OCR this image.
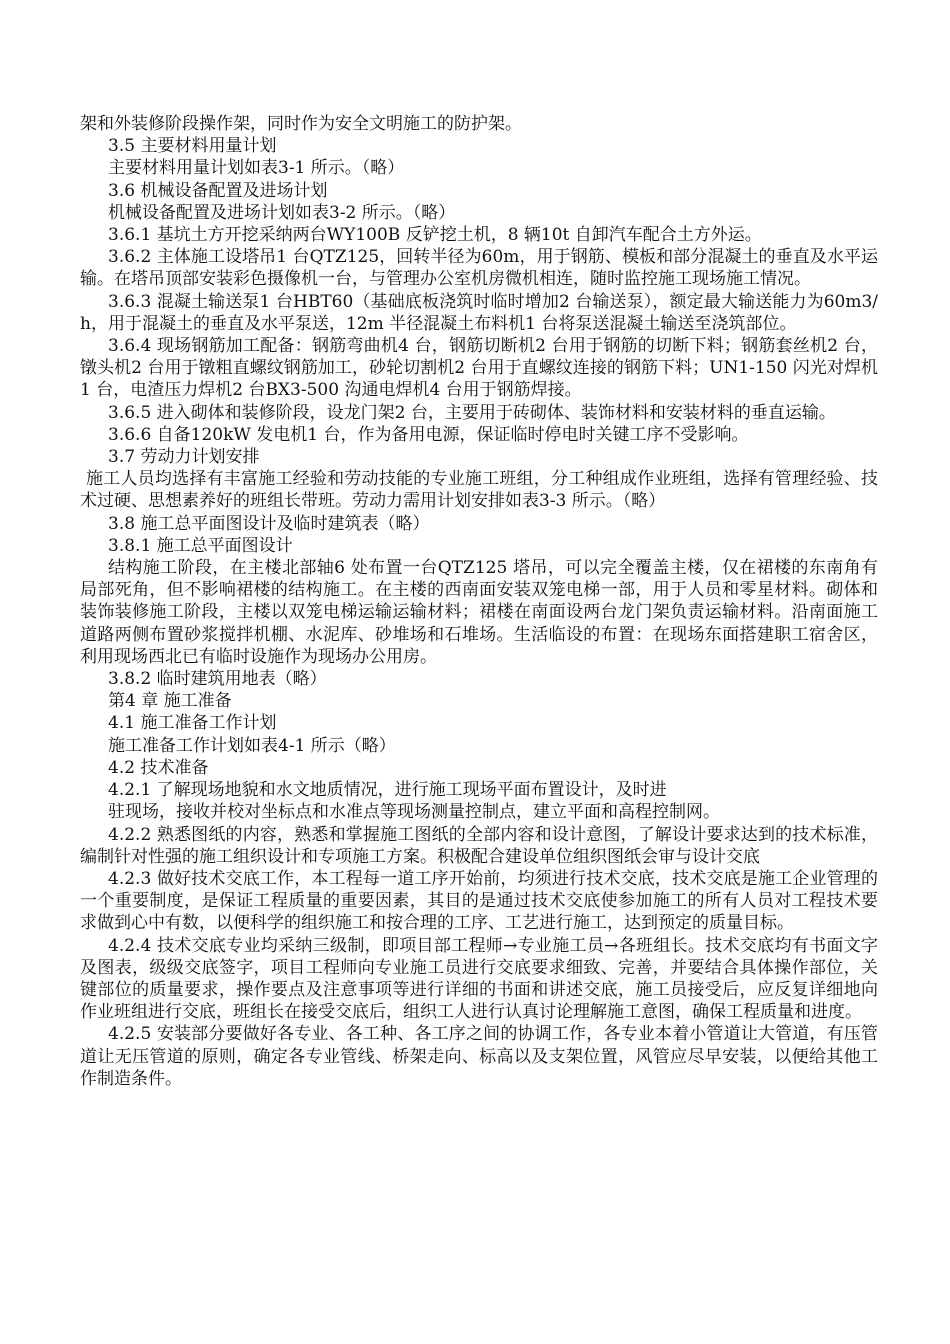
架和外装修阶段操作架，同时作为安全文明施工的防护架。

3.5 主要材料用量计划

主要材料用量计划如表3-1 所示。（略）

3.6 机械设备配置及进场计划

机械设备配置及进场计划如表3-2 所示。（略）

3.6.1 基坑土方开挖采纳两台WY100B 反铲挖土机，8 辆10t 自卸汽车配合土方外运。

3.6.2 主体施工设塔吊1 台QTZ125，回转半径为60m，用于钢筋、模板和部分混凝土的垂直及水平运输。在塔吊顶部安装彩色摄像机一台，与管理办公室机房微机相连，随时监控施工现场施工情况。

3.6.3 混凝土输送泵1 台HBT60（基础底板浇筑时临时增加2 台输送泵），额定最大输送能力为60m3/h，用于混凝土的垂直及水平泵送，12m 半径混凝土布料机1 台将泵送混凝土输送至浇筑部位。

3.6.4 现场钢筋加工配备：钢筋弯曲机4 台，钢筋切断机2 台用于钢筋的切断下料；钢筋套丝机2 台，镦头机2 台用于镦粗直螺纹钢筋加工，砂轮切割机2 台用于直螺纹连接的钢筋下料；UN1-150 闪光对焊机1 台，电渣压力焊机2 台BX3-500 沟通电焊机4 台用于钢筋焊接。

3.6.5 进入砌体和装修阶段，设龙门架2 台，主要用于砖砌体、装饰材料和安装材料的垂直运输。

3.6.6 自备120kW 发电机1 台，作为备用电源，保证临时停电时关键工序不受影响。

3.7 劳动力计划安排

施工人员均选择有丰富施工经验和劳动技能的专业施工班组，分工种组成作业班组，选择有管理经验、技术过硬、思想素养好的班组长带班。劳动力需用计划安排如表3-3 所示。（略）

3.8 施工总平面图设计及临时建筑表（略）

3.8.1 施工总平面图设计

结构施工阶段，在主楼北部轴6 处布置一台QTZ125 塔吊，可以完全覆盖主楼，仅在裙楼的东南角有局部死角，但不影响裙楼的结构施工。在主楼的西南面安装双笼电梯一部，用于人员和零星材料。砌体和装饰装修施工阶段，主楼以双笼电梯运输运输材料；裙楼在南面设两台龙门架负责运输材料。沿南面施工道路两侧布置砂浆搅拌机棚、水泥库、砂堆场和石堆场。生活临设的布置：在现场东面搭建职工宿舍区，利用现场西北已有临时设施作为现场办公用房。

3.8.2 临时建筑用地表（略）

第4 章 施工准备

4.1 施工准备工作计划

施工准备工作计划如表4-1 所示（略）

4.2 技术准备

4.2.1 了解现场地貌和水文地质情况，进行施工现场平面布置设计，及时进

驻现场，接收并校对坐标点和水准点等现场测量控制点，建立平面和高程控制网。

4.2.2 熟悉图纸的内容，熟悉和掌握施工图纸的全部内容和设计意图，了解设计要求达到的技术标准，编制针对性强的施工组织设计和专项施工方案。积极配合建设单位组织图纸会审与设计交底

4.2.3 做好技术交底工作，本工程每一道工序开始前，均须进行技术交底，技术交底是施工企业管理的一个重要制度，是保证工程质量的重要因素，其目的是通过技术交底使参加施工的所有人员对工程技术要求做到心中有数，以便科学的组织施工和按合理的工序、工艺进行施工，达到预定的质量目标。

4.2.4 技术交底专业均采纳三级制，即项目部工程师→专业施工员→各班组长。技术交底均有书面文字及图表，级级交底签字，项目工程师向专业施工员进行交底要求细致、完善，并要结合具体操作部位，关键部位的质量要求，操作要点及注意事项等进行详细的书面和讲述交底，施工员接受后，应反复详细地向作业班组进行交底，班组长在接受交底后，组织工人进行认真讨论理解施工意图，确保工程质量和进度。

4.2.5 安装部分要做好各专业、各工种、各工序之间的协调工作，各专业本着小管道让大管道，有压管道让无压管道的原则，确定各专业管线、桥架走向、标高以及支架位置，风管应尽早安装，以便给其他工作制造条件。
